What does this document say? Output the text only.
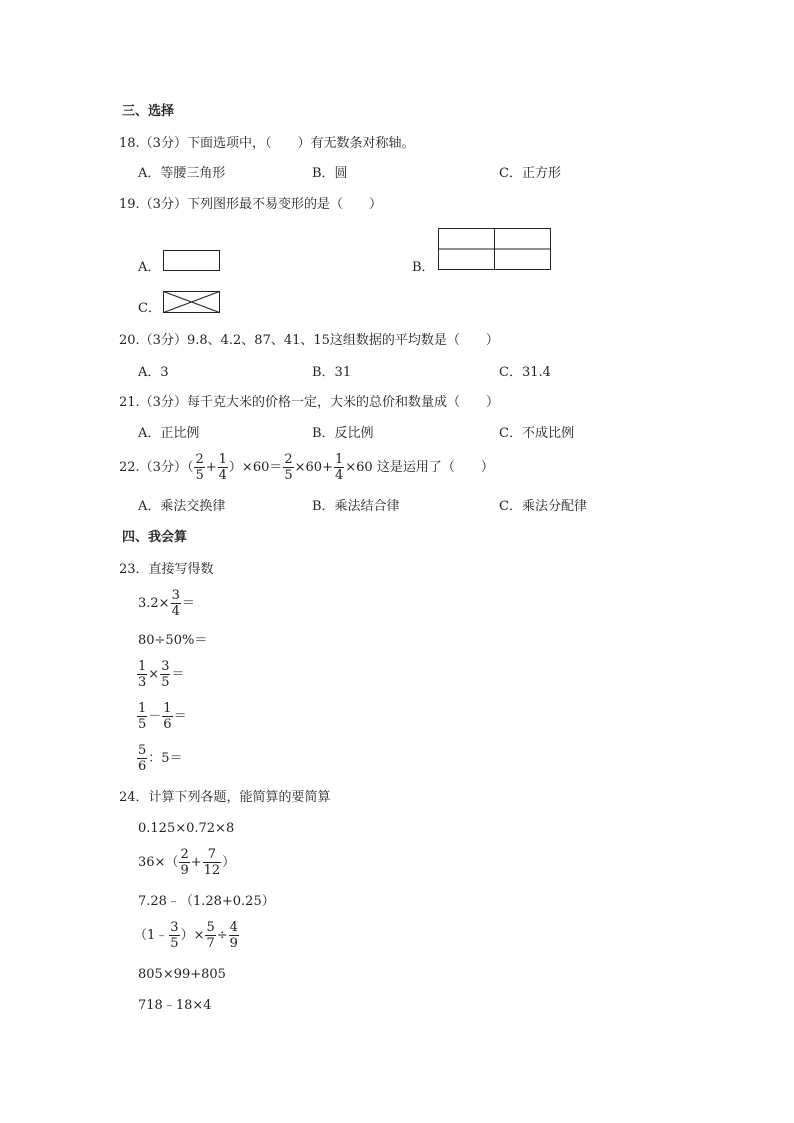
三、选择
18.（3分）下面选项中，（　　）有无数条对称轴。
A．等腰三角形	B．圆	C．正方形
19.（3分）下列图形最不易变形的是（　　）
A．	B．
C．
20.（3分）9.8、4.2、87、41、15这组数据的平均数是（　　）
A．3	B．31	C．31.4
21.（3分）每千克大米的价格一定，大米的总价和数量成（　　）
A．正比例	B．反比例	C．不成比例
22.（3分）（ $\frac{2}{5} + \frac{1}{4} )\times 60= \frac{2}{5} \times 60+ \frac{1}{4} \times 60$ 这是运用了（　　）
A．乘法交换律	B．乘法结合律	C．乘法分配律
四、我会算
23．直接写得数
$3.2\times \frac{3}{4}$ ＝
80÷50%＝
$\frac{1}{3} \times \frac{3}{5}$ ＝
$\frac{1}{5} - \frac{1}{6}$ ＝
$\frac{5}{6}$ ：5＝
24．计算下列各题，能简算的要简算
0.125×0.72×8
$36\times( \frac{2}{9} + \frac{7}{12}$ ）
7.28﹣（1.28+0.25）
（1﹣ $\frac{3}{5}$ ）× $\frac{5}{7} \div \frac{4}{9}$
805×99+805
718﹣18×4
